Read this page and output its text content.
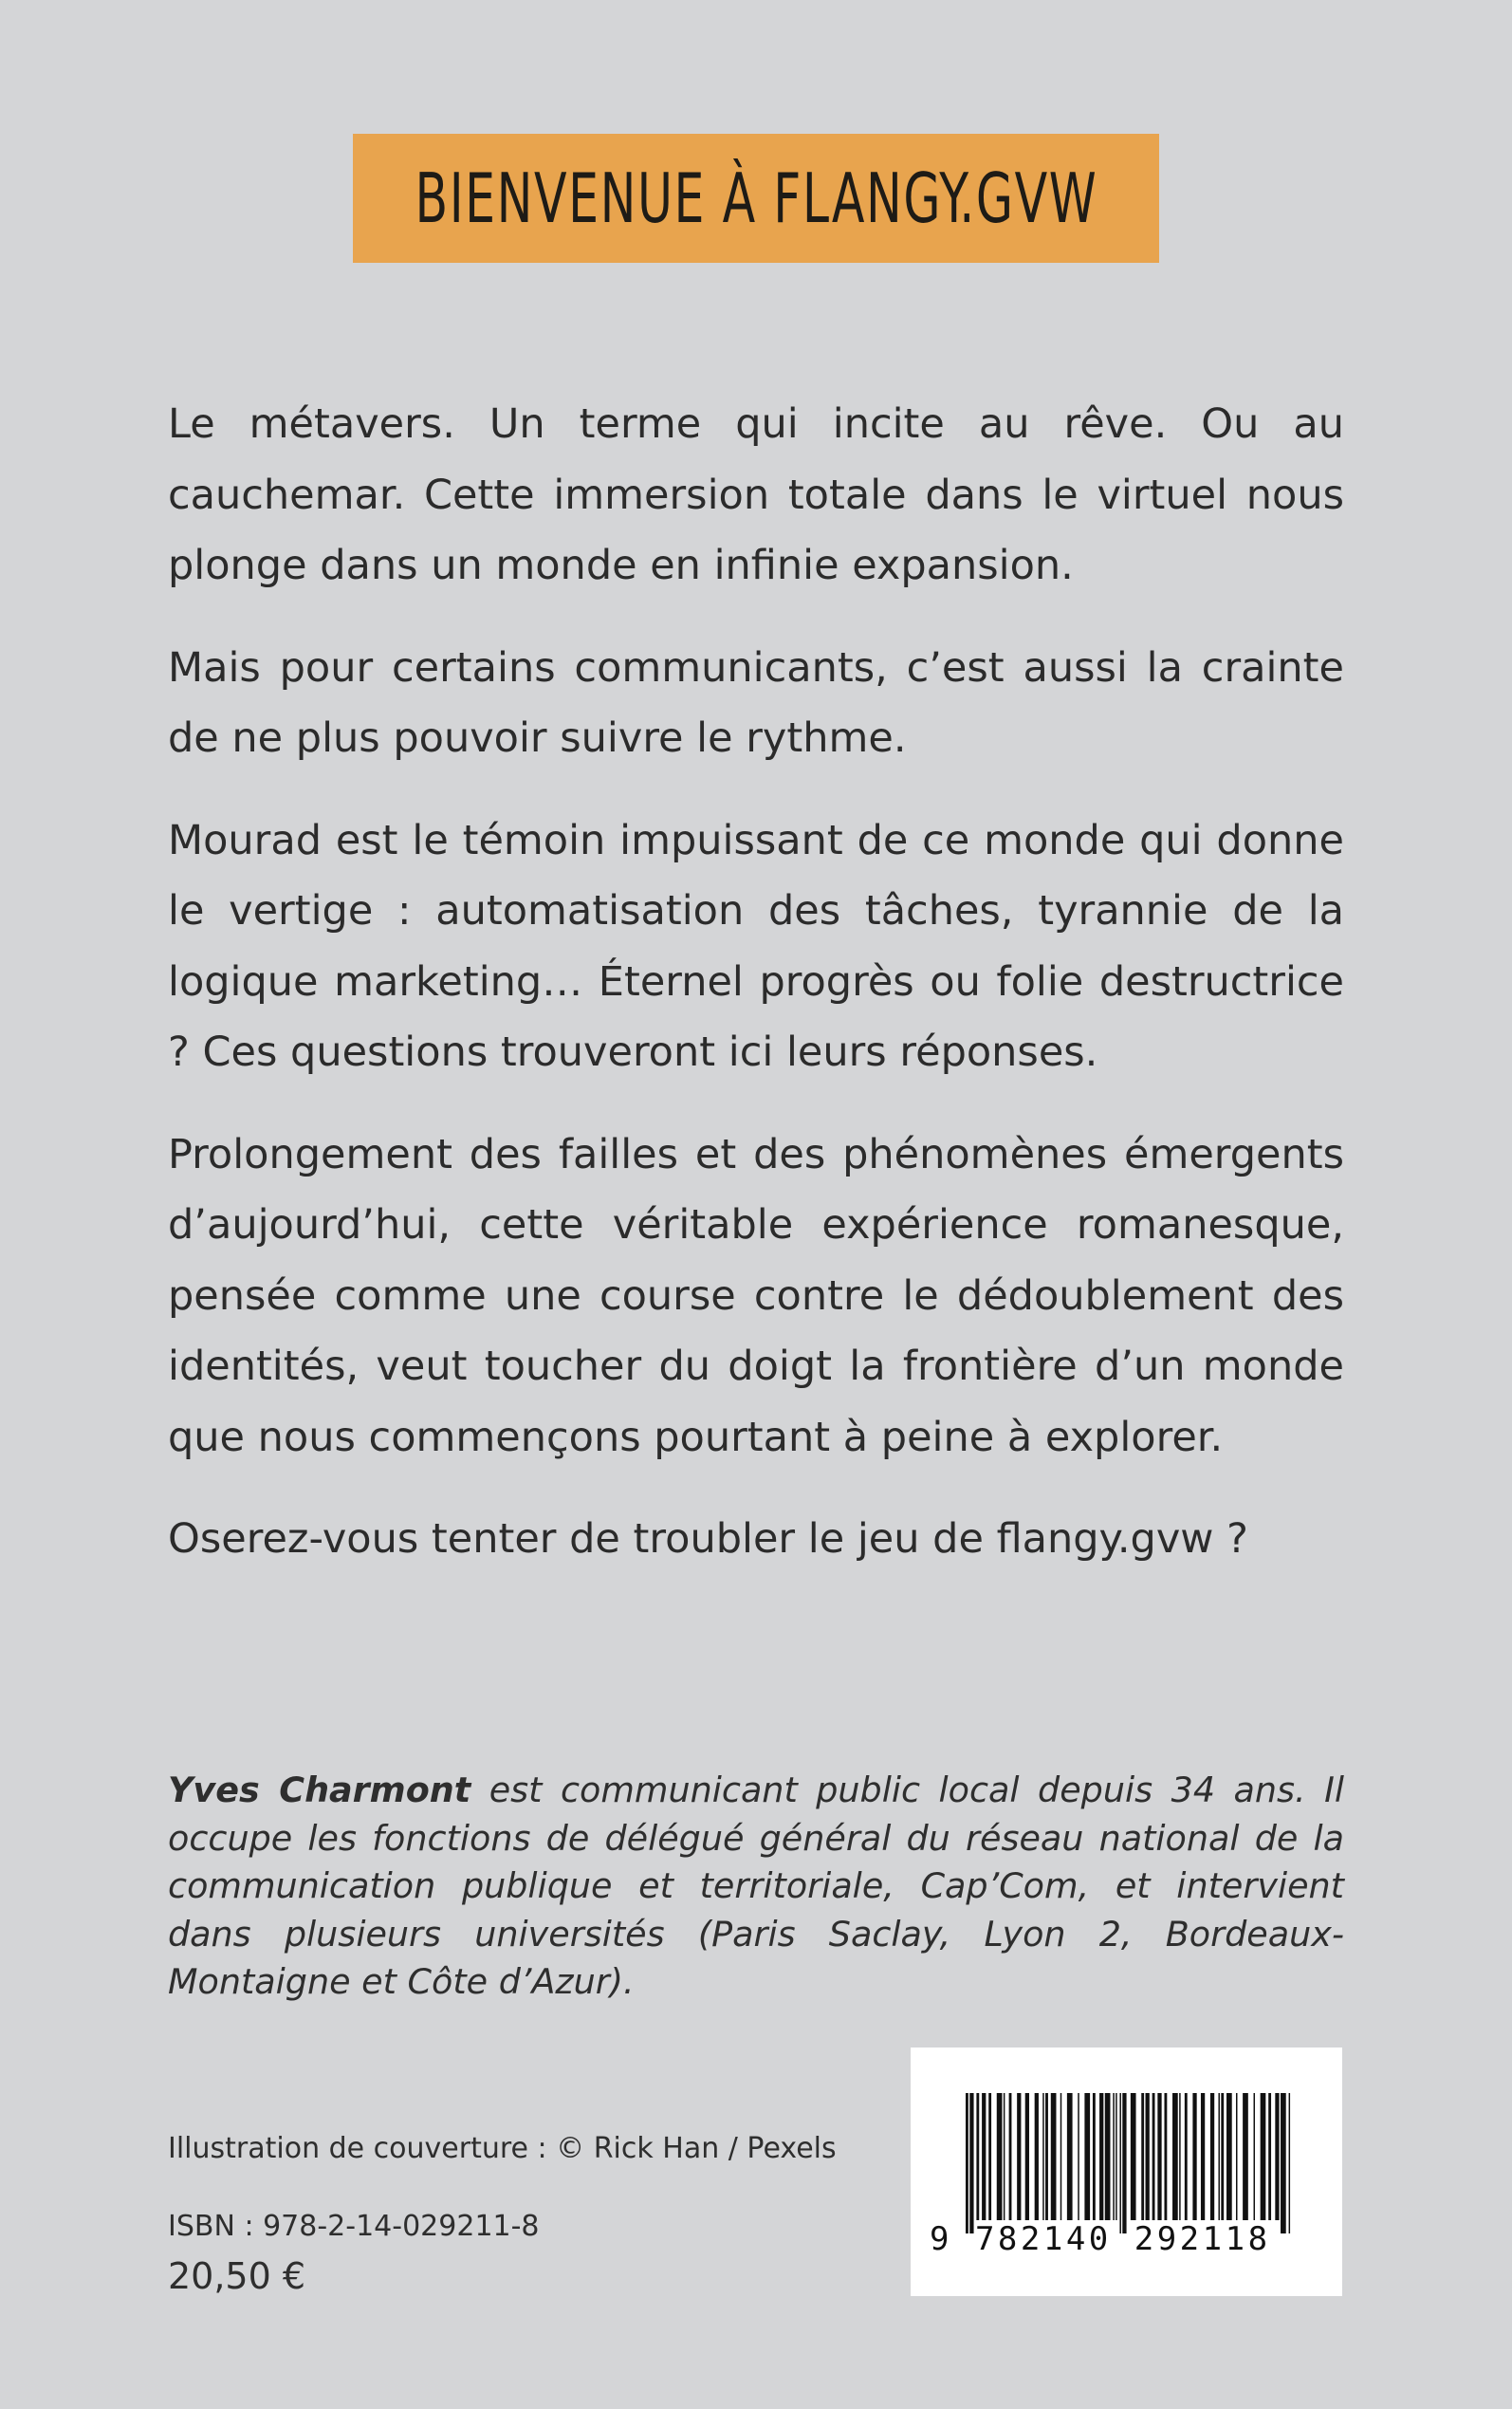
BIENVENUE À FLANGY.GVW

Le métavers. Un terme qui incite au rêve. Ou au cauchemar. Cette immersion totale dans le virtuel nous plonge dans un monde en infinie expansion.

Mais pour certains communicants, c’est aussi la crainte de ne plus pouvoir suivre le rythme.

Mourad est le témoin impuissant de ce monde qui donne le vertige : automatisation des tâches, tyrannie de la logique marketing… Éternel progrès ou folie destructrice ? Ces questions trouveront ici leurs réponses.

Prolongement des failles et des phénomènes émergents d’aujourd’hui, cette véritable expérience romanesque, pensée comme une course contre le dédoublement des identités, veut toucher du doigt la frontière d’un monde que nous commençons pourtant à peine à explorer.

Oserez-vous tenter de troubler le jeu de flangy.gvw ?

Yves Charmont est communicant public local depuis 34 ans. Il occupe les fonctions de délégué général du réseau national de la communication publique et territoriale, Cap’Com, et intervient dans plusieurs universités (Paris Saclay, Lyon 2, Bordeaux-Montaigne et Côte d’Azur).
Illustration de couverture : © Rick Han / Pexels
ISBN : 978-2-14-029211-8
20,50 €
9 782140 292118
